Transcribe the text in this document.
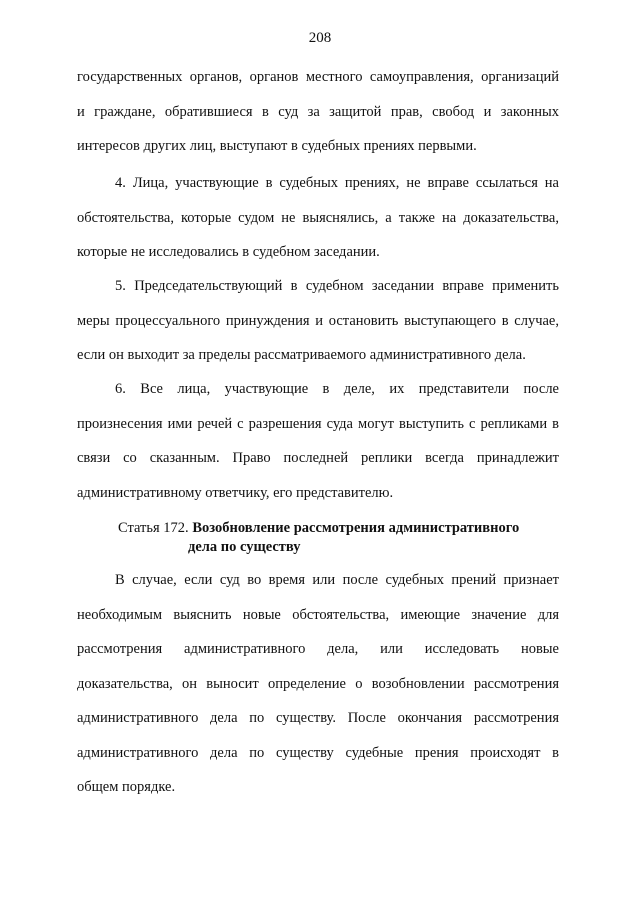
208
государственных органов, органов местного самоуправления, организаций
и граждане, обратившиеся в суд за защитой прав, свобод и законных
интересов других лиц, выступают в судебных прениях первыми.
4. Лица, участвующие в судебных прениях, не вправе ссылаться на
обстоятельства, которые судом не выяснялись, а также на доказательства,
которые не исследовались в судебном заседании.
5. Председательствующий в судебном заседании вправе применить
меры процессуального принуждения и остановить выступающего в случае,
если он выходит за пределы рассматриваемого административного дела.
6. Все лица, участвующие в деле, их представители после
произнесения ими речей с разрешения суда могут выступить с репликами в
связи со сказанным. Право последней реплики всегда принадлежит
административному ответчику, его представителю.
Статья 172. Возобновление рассмотрения административного
дела по существу
В случае, если суд во время или после судебных прений признает
необходимым выяснить новые обстоятельства, имеющие значение для
рассмотрения административного дела, или исследовать новые
доказательства, он выносит определение о возобновлении рассмотрения
административного дела по существу. После окончания рассмотрения
административного дела по существу судебные прения происходят в
общем порядке.
